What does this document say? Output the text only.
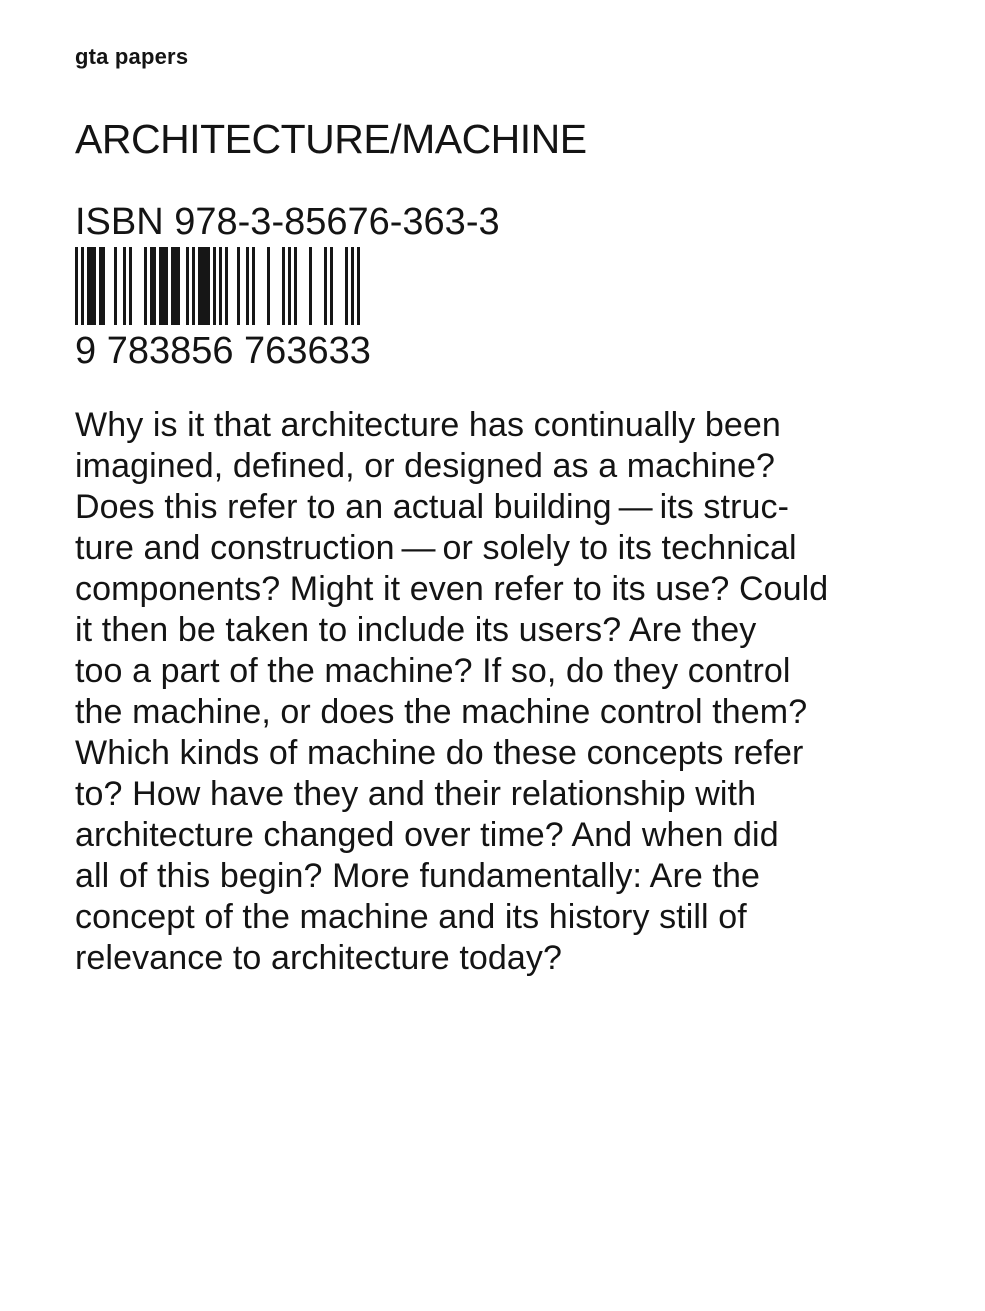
gta papers
ARCHITECTURE/MACHINE
ISBN 978-3-85676-363-3
9 783856 763633
Why is it that architecture has continually been
imagined, defined, or designed as a machine?
Does this refer to an actual building — its struc-
ture and construction — or solely to its technical
components? Might it even refer to its use? Could
it then be taken to include its users? Are they
too a part of the machine? If so, do they control
the machine, or does the machine control them?
Which kinds of machine do these concepts refer
to? How have they and their relationship with
architecture changed over time? And when did
all of this begin? More fundamentally: Are the
concept of the machine and its history still of
relevance to architecture today?
